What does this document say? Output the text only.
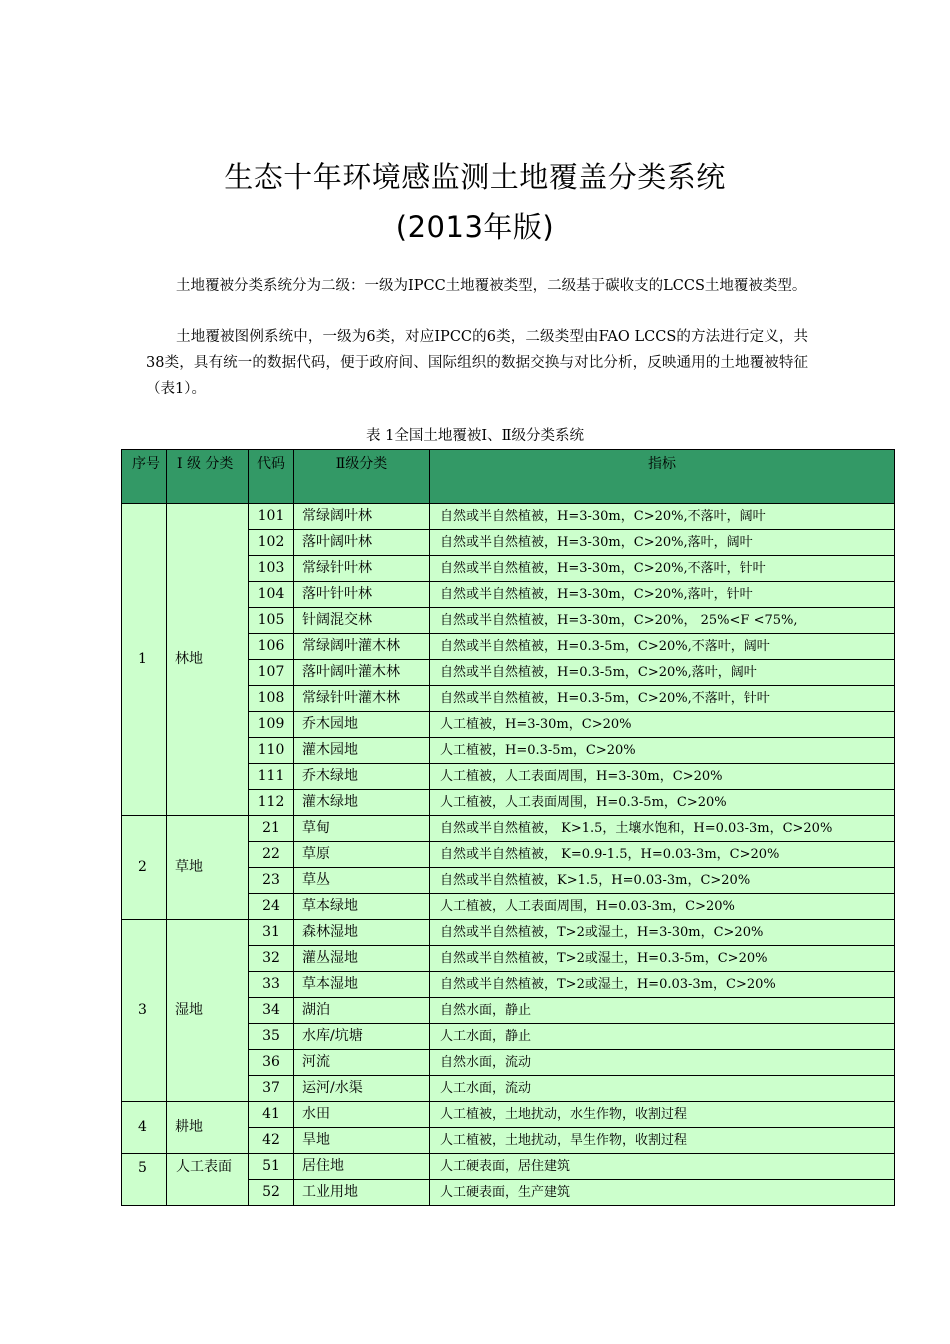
生态十年环境感监测土地覆盖分类系统
(2013年版)
土地覆被分类系统分为二级：一级为IPCC土地覆被类型，二级基于碳收支的LCCS土地覆被类型。
土地覆被图例系统中，一级为6类，对应IPCC的6类，二级类型由FAO LCCS的方法进行定义，共38类，具有统一的数据代码，便于政府间、国际组织的数据交换与对比分析，反映通用的土地覆被特征（表1）。
表 1全国土地覆被Ⅰ、Ⅱ级分类系统
序号	Ⅰ 级 分类	代码	Ⅱ级分类	指标
1	林地	101	常绿阔叶林	自然或半自然植被，H=3-30m，C>20%,不落叶，阔叶
		102	落叶阔叶林	自然或半自然植被，H=3-30m，C>20%,落叶，阔叶
		103	常绿针叶林	自然或半自然植被，H=3-30m，C>20%,不落叶，针叶
		104	落叶针叶林	自然或半自然植被，H=3-30m，C>20%,落叶，针叶
		105	针阔混交林	自然或半自然植被，H=3-30m，C>20%， 25%<F <75%,
		106	常绿阔叶灌木林	自然或半自然植被，H=0.3-5m，C>20%,不落叶，阔叶
		107	落叶阔叶灌木林	自然或半自然植被，H=0.3-5m，C>20%,落叶，阔叶
		108	常绿针叶灌木林	自然或半自然植被，H=0.3-5m，C>20%,不落叶，针叶
		109	乔木园地	人工植被，H=3-30m，C>20%
		110	灌木园地	人工植被，H=0.3-5m，C>20%
		111	乔木绿地	人工植被，人工表面周围，H=3-30m，C>20%
		112	灌木绿地	人工植被，人工表面周围，H=0.3-5m，C>20%
2	草地	21	草甸	自然或半自然植被， K>1.5，土壤水饱和，H=0.03-3m，C>20%
		22	草原	自然或半自然植被， K=0.9-1.5，H=0.03-3m，C>20%
		23	草丛	自然或半自然植被，K>1.5，H=0.03-3m，C>20%
		24	草本绿地	人工植被，人工表面周围，H=0.03-3m，C>20%
3	湿地	31	森林湿地	自然或半自然植被，T>2或湿土，H=3-30m，C>20%
		32	灌丛湿地	自然或半自然植被，T>2或湿土，H=0.3-5m，C>20%
		33	草本湿地	自然或半自然植被，T>2或湿土，H=0.03-3m，C>20%
		34	湖泊	自然水面，静止
		35	水库/坑塘	人工水面，静止
		36	河流	自然水面，流动
		37	运河/水渠	人工水面，流动
4	耕地	41	水田	人工植被，土地扰动，水生作物，收割过程
		42	旱地	人工植被，土地扰动，旱生作物，收割过程
5	人工表面	51	居住地	人工硬表面，居住建筑
		52	工业用地	人工硬表面，生产建筑
